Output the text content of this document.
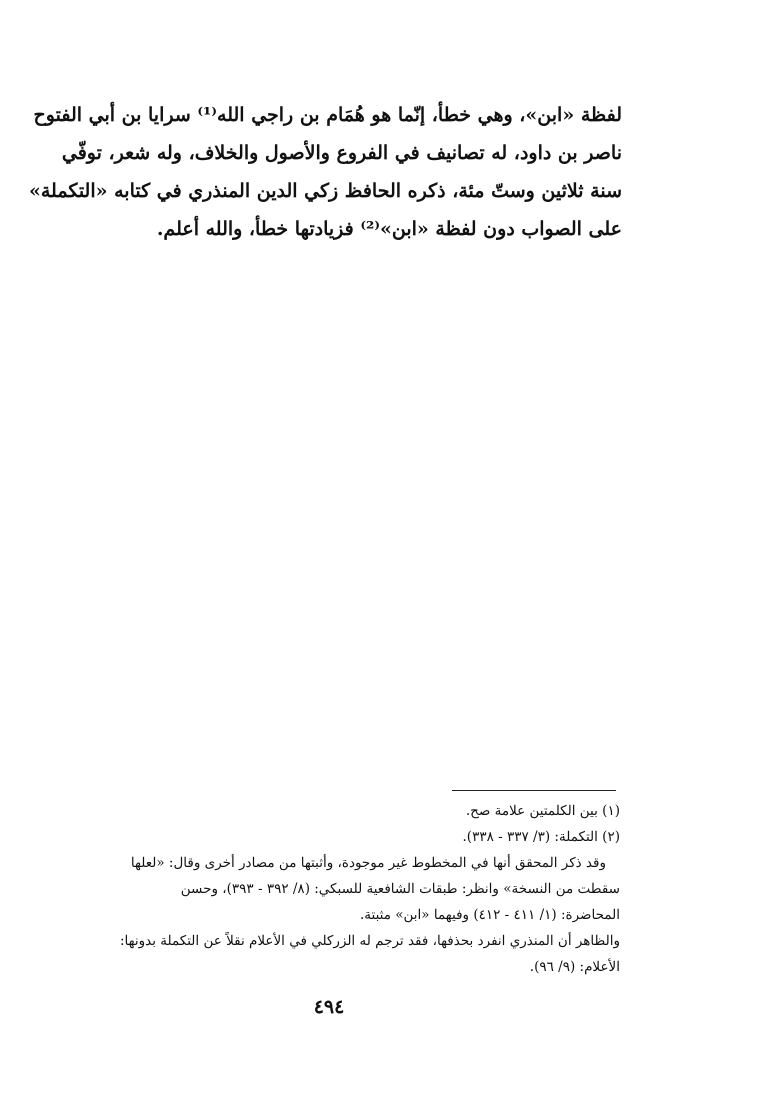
لفظة «ابن»، وهي خطأ، إنّما هو هُمَام بن راجي الله⁽¹⁾ سرايا بن أبي الفتوح
ناصر بن داود، له تصانيف في الفروع والأصول والخلاف، وله شعر، توفّي
سنة ثلاثين وستّ مئة، ذكره الحافظ زكي الدين المنذري في كتابه «التكملة»
على الصواب دون لفظة «ابن»⁽²⁾ فزيادتها خطأ، والله أعلم.
(١) بين الكلمتين علامة صح.
(٢) التكملة: (٣/ ٣٣٧ - ٣٣٨).
وقد ذكر المحقق أنها في المخطوط غير موجودة، وأثبتها من مصادر أخرى وقال: «لعلها
سقطت من النسخة» وانظر: طبقات الشافعية للسبكي: (٨/ ٣٩٢ - ٣٩٣)، وحسن
المحاضرة: (١/ ٤١١ - ٤١٢) وفيهما «ابن» مثبتة.
والظاهر أن المنذري انفرد بحذفها، فقد ترجم له الزركلي في الأعلام نقلاً عن التكملة بدونها:
الأعلام: (٩/ ٩٦).
٤٩٤
